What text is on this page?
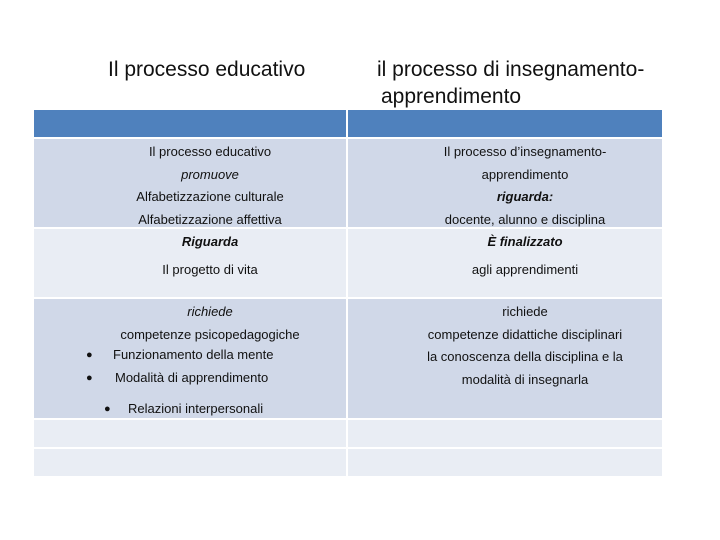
Il processo educativo	il processo di insegnamento-
apprendimento
Il processo educativo
promuove
Alfabetizzazione culturale
Alfabetizzazione affettiva
Riguarda
Il progetto di vita
richiede
competenze psicopedagogiche
● Funzionamento della mente
● Modalità di apprendimento
● Relazioni interpersonali
Il processo d’insegnamento-
apprendimento
riguarda:
docente, alunno e disciplina
È finalizzato
agli apprendimenti
richiede
competenze didattiche disciplinari
la conoscenza della disciplina e la
modalità di insegnarla
